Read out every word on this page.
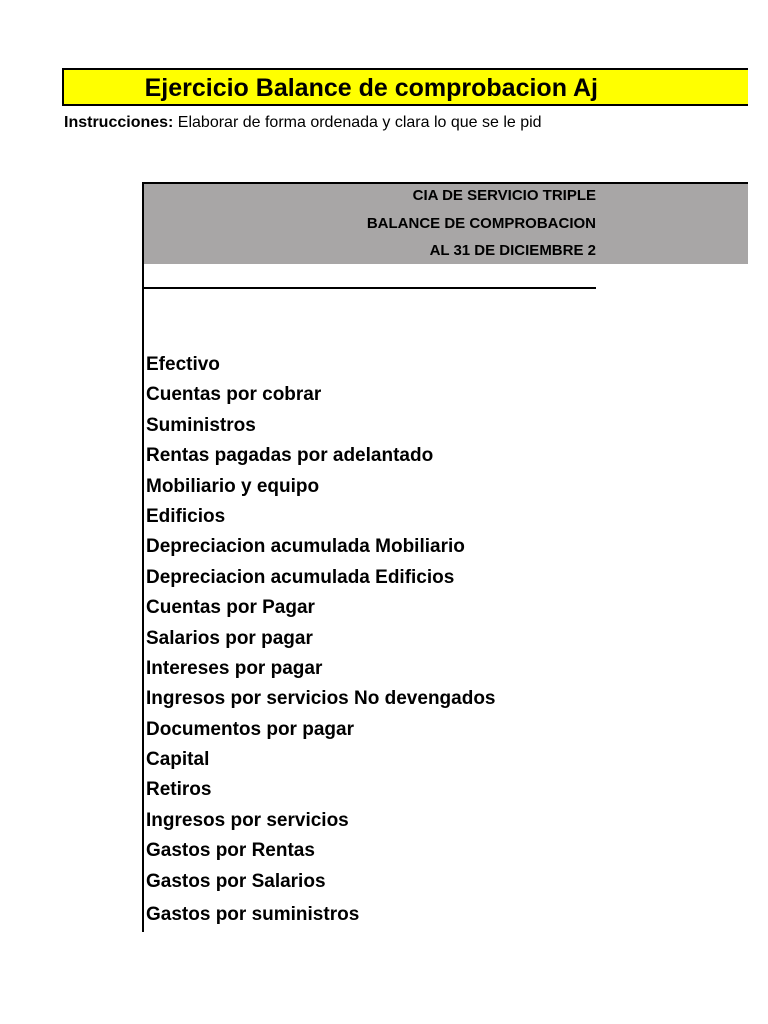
Ejercicio Balance de comprobacion Aj
Instrucciones: Elaborar de forma ordenada y clara lo que se le pid
CIA DE SERVICIO TRIPLE
BALANCE DE COMPROBACION
AL 31 DE DICIEMBRE 2
Efectivo
Cuentas por cobrar
Suministros
Rentas pagadas por adelantado
Mobiliario y equipo
Edificios
Depreciacion acumulada Mobiliario
Depreciacion acumulada Edificios
Cuentas por Pagar
Salarios por pagar
Intereses por pagar
Ingresos por servicios No devengados
Documentos por pagar
Capital
Retiros
Ingresos por servicios
Gastos por Rentas
Gastos por Salarios
Gastos por suministros
